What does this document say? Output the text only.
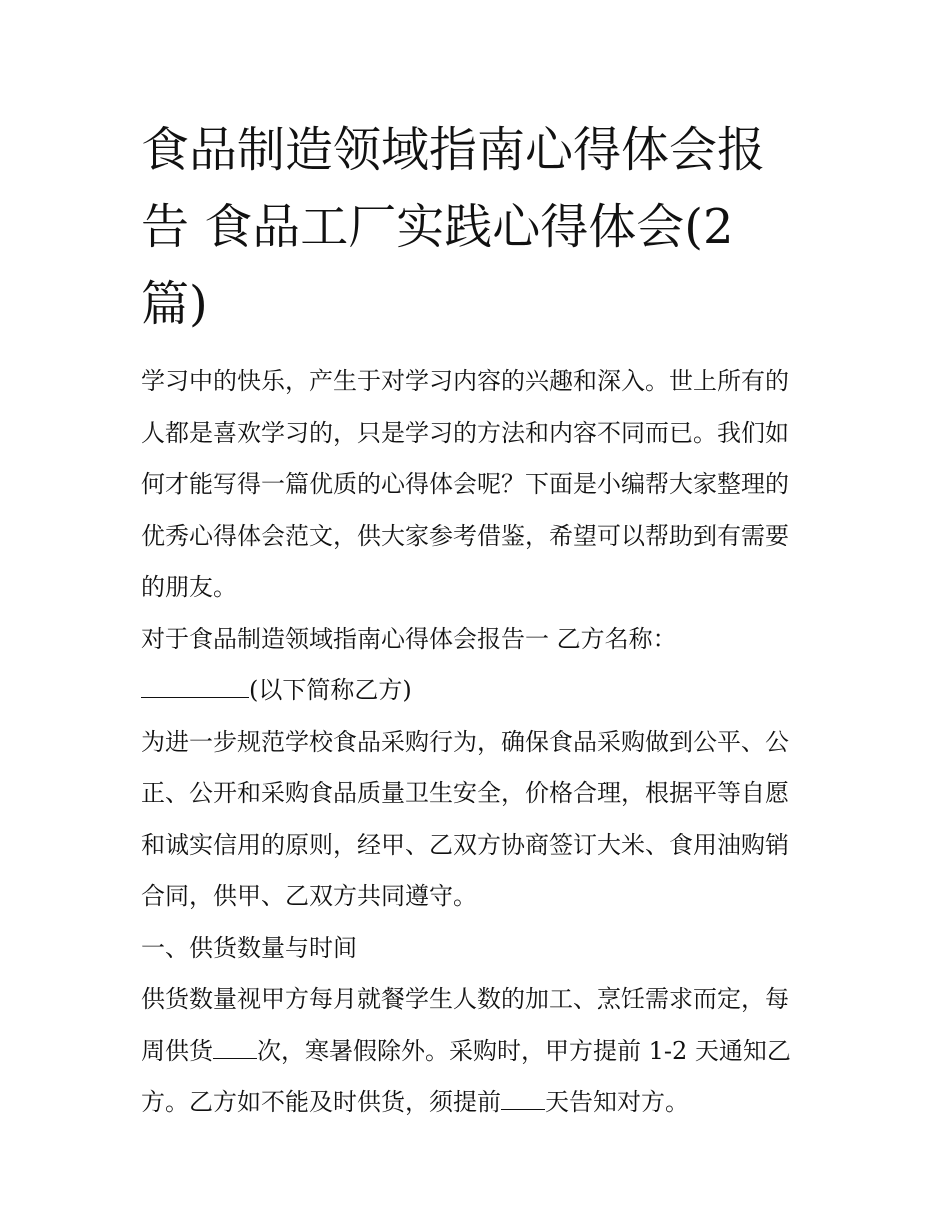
食品制造领域指南心得体会报
告 食品工厂实践心得体会(2
篇)

学习中的快乐，产生于对学习内容的兴趣和深入。世上所有的

人都是喜欢学习的，只是学习的方法和内容不同而已。我们如

何才能写得一篇优质的心得体会呢？下面是小编帮大家整理的

优秀心得体会范文，供大家参考借鉴，希望可以帮助到有需要

的朋友。

对于食品制造领域指南心得体会报告一 乙方名称：

(以下简称乙方)

为进一步规范学校食品采购行为，确保食品采购做到公平、公

正、公开和采购食品质量卫生安全，价格合理，根据平等自愿

和诚实信用的原则，经甲、乙双方协商签订大米、食用油购销

合同，供甲、乙双方共同遵守。

一、供货数量与时间

供货数量视甲方每月就餐学生人数的加工、烹饪需求而定，每

周供货 次，寒暑假除外。采购时，甲方提前 1-2 天通知乙

方。乙方如不能及时供货，须提前 天告知对方。
